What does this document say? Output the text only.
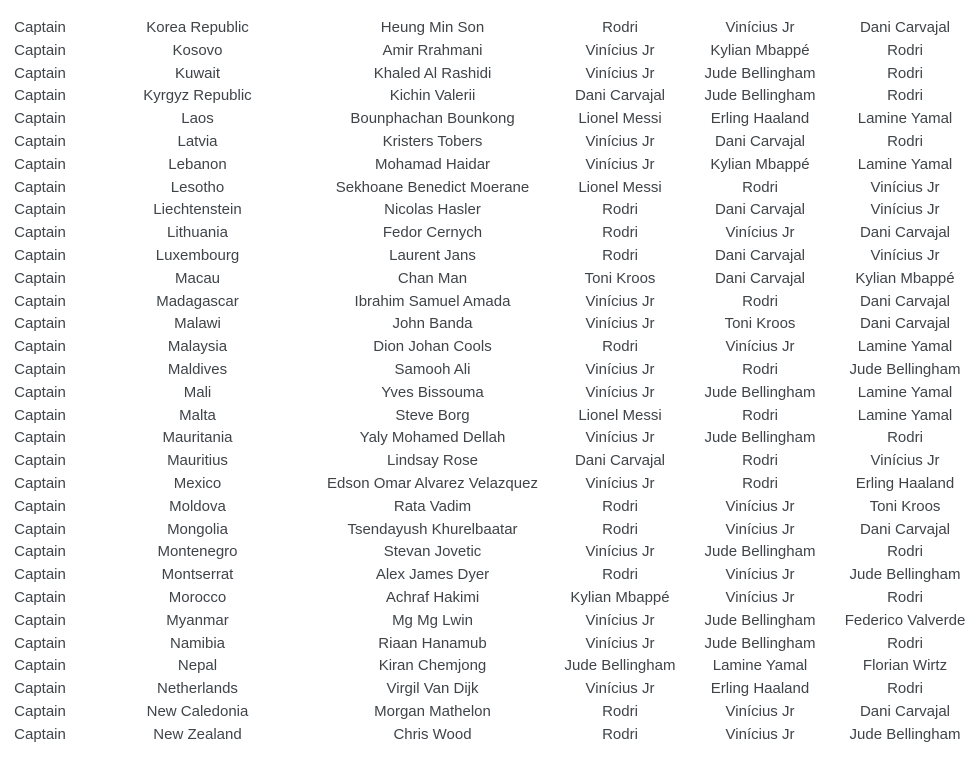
Captain	Korea Republic	Heung Min Son	Rodri	Vinícius Jr	Dani Carvajal
Captain	Kosovo	Amir Rrahmani	Vinícius Jr	Kylian Mbappé	Rodri
Captain	Kuwait	Khaled Al Rashidi	Vinícius Jr	Jude Bellingham	Rodri
Captain	Kyrgyz Republic	Kichin Valerii	Dani Carvajal	Jude Bellingham	Rodri
Captain	Laos	Bounphachan Bounkong	Lionel Messi	Erling Haaland	Lamine Yamal
Captain	Latvia	Kristers Tobers	Vinícius Jr	Dani Carvajal	Rodri
Captain	Lebanon	Mohamad Haidar	Vinícius Jr	Kylian Mbappé	Lamine Yamal
Captain	Lesotho	Sekhoane Benedict Moerane	Lionel Messi	Rodri	Vinícius Jr
Captain	Liechtenstein	Nicolas Hasler	Rodri	Dani Carvajal	Vinícius Jr
Captain	Lithuania	Fedor Cernych	Rodri	Vinícius Jr	Dani Carvajal
Captain	Luxembourg	Laurent Jans	Rodri	Dani Carvajal	Vinícius Jr
Captain	Macau	Chan Man	Toni Kroos	Dani Carvajal	Kylian Mbappé
Captain	Madagascar	Ibrahim Samuel Amada	Vinícius Jr	Rodri	Dani Carvajal
Captain	Malawi	John Banda	Vinícius Jr	Toni Kroos	Dani Carvajal
Captain	Malaysia	Dion Johan Cools	Rodri	Vinícius Jr	Lamine Yamal
Captain	Maldives	Samooh Ali	Vinícius Jr	Rodri	Jude Bellingham
Captain	Mali	Yves Bissouma	Vinícius Jr	Jude Bellingham	Lamine Yamal
Captain	Malta	Steve Borg	Lionel Messi	Rodri	Lamine Yamal
Captain	Mauritania	Yaly Mohamed Dellah	Vinícius Jr	Jude Bellingham	Rodri
Captain	Mauritius	Lindsay Rose	Dani Carvajal	Rodri	Vinícius Jr
Captain	Mexico	Edson Omar Alvarez Velazquez	Vinícius Jr	Rodri	Erling Haaland
Captain	Moldova	Rata Vadim	Rodri	Vinícius Jr	Toni Kroos
Captain	Mongolia	Tsendayush Khurelbaatar	Rodri	Vinícius Jr	Dani Carvajal
Captain	Montenegro	Stevan Jovetic	Vinícius Jr	Jude Bellingham	Rodri
Captain	Montserrat	Alex James Dyer	Rodri	Vinícius Jr	Jude Bellingham
Captain	Morocco	Achraf Hakimi	Kylian Mbappé	Vinícius Jr	Rodri
Captain	Myanmar	Mg Mg Lwin	Vinícius Jr	Jude Bellingham	Federico Valverde
Captain	Namibia	Riaan Hanamub	Vinícius Jr	Jude Bellingham	Rodri
Captain	Nepal	Kiran Chemjong	Jude Bellingham	Lamine Yamal	Florian Wirtz
Captain	Netherlands	Virgil Van Dijk	Vinícius Jr	Erling Haaland	Rodri
Captain	New Caledonia	Morgan Mathelon	Rodri	Vinícius Jr	Dani Carvajal
Captain	New Zealand	Chris Wood	Rodri	Vinícius Jr	Jude Bellingham
